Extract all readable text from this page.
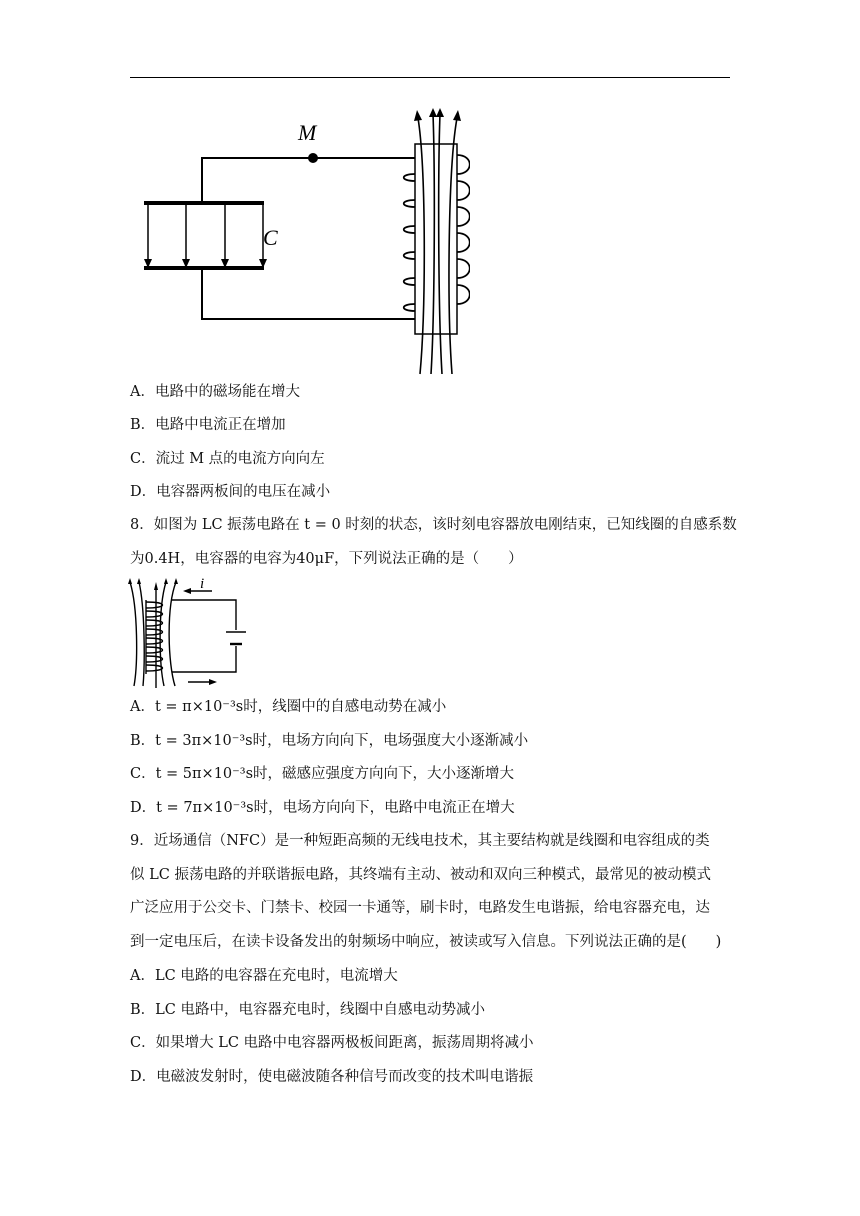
M
C
A．电路中的磁场能在增大
B．电路中电流正在增加
C．流过 M 点的电流方向向左
D．电容器两板间的电压在减小
8．如图为 LC 振荡电路在 t = 0 时刻的状态，该时刻电容器放电刚结束，已知线圈的自感系数
为0.4H，电容器的电容为40μF，下列说法正确的是（　　）
i
A．t = π×10⁻³s时，线圈中的自感电动势在减小
B．t = 3π×10⁻³s时，电场方向向下，电场强度大小逐渐减小
C．t = 5π×10⁻³s时，磁感应强度方向向下，大小逐渐增大
D．t = 7π×10⁻³s时，电场方向向下，电路中电流正在增大
9．近场通信（NFC）是一种短距高频的无线电技术，其主要结构就是线圈和电容组成的类
似 LC 振荡电路的并联谐振电路，其终端有主动、被动和双向三种模式，最常见的被动模式
广泛应用于公交卡、门禁卡、校园一卡通等，刷卡时，电路发生电谐振，给电容器充电，达
到一定电压后，在读卡设备发出的射频场中响应，被读或写入信息。下列说法正确的是(　　)
A．LC 电路的电容器在充电时，电流增大
B．LC 电路中，电容器充电时，线圈中自感电动势减小
C．如果增大 LC 电路中电容器两极板间距离，振荡周期将减小
D．电磁波发射时，使电磁波随各种信号而改变的技术叫电谐振
